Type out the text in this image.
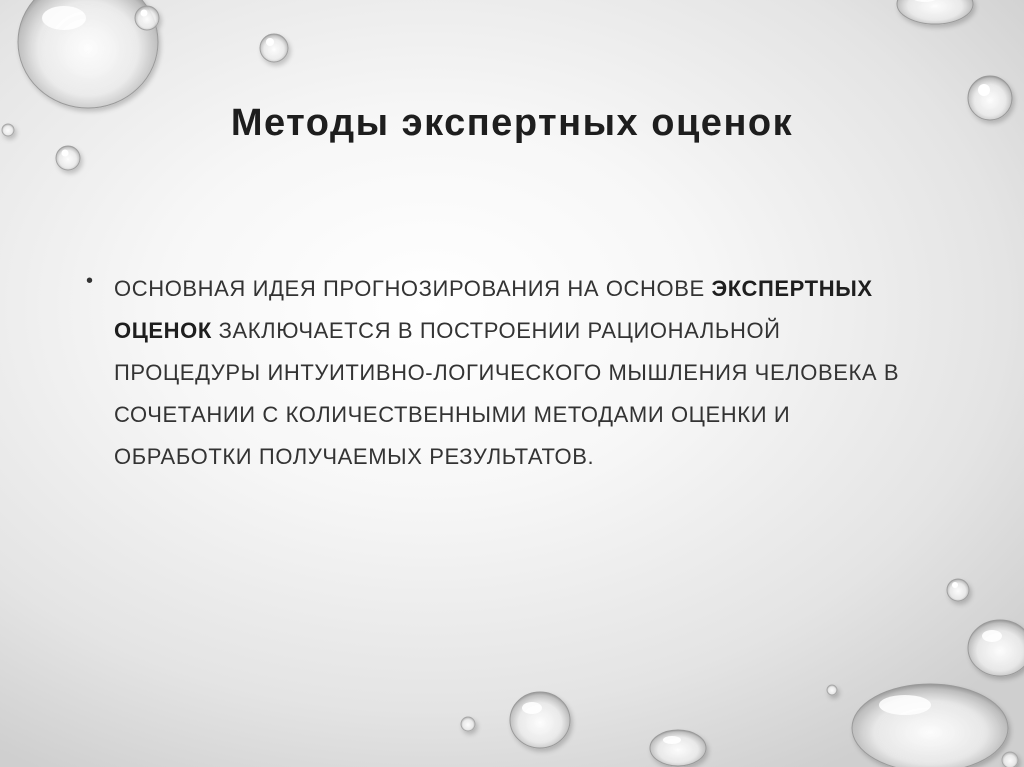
Методы экспертных оценок

• ОСНОВНАЯ ИДЕЯ ПРОГНОЗИРОВАНИЯ НА ОСНОВЕ ЭКСПЕРТНЫХ ОЦЕНОК ЗАКЛЮЧАЕТСЯ В ПОСТРОЕНИИ РАЦИОНАЛЬНОЙ ПРОЦЕДУРЫ ИНТУИТИВНО-ЛОГИЧЕСКОГО МЫШЛЕНИЯ ЧЕЛОВЕКА В СОЧЕТАНИИ С КОЛИЧЕСТВЕННЫМИ МЕТОДАМИ ОЦЕНКИ И ОБРАБОТКИ ПОЛУЧАЕМЫХ РЕЗУЛЬТАТОВ.
